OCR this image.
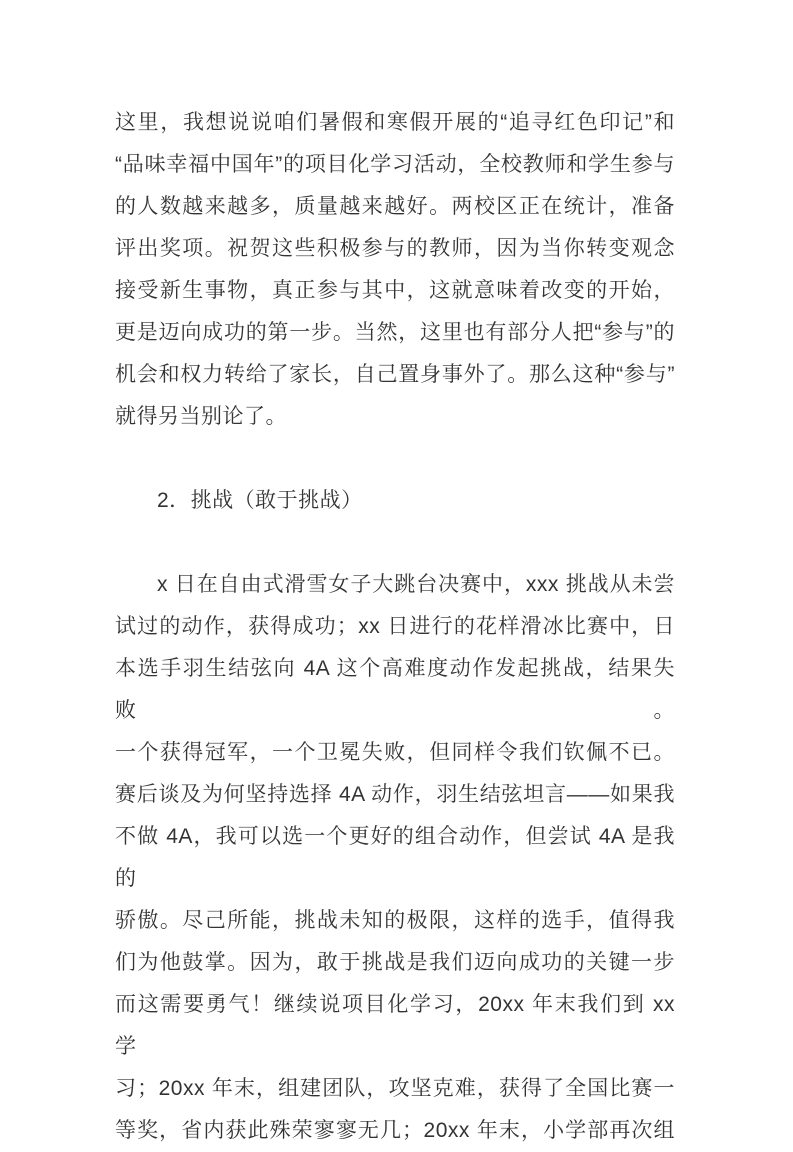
这里，我想说说咱们暑假和寒假开展的“追寻红色印记”和
“品味幸福中国年”的项目化学习活动，全校教师和学生参与
的人数越来越多，质量越来越好。两校区正在统计，准备
评出奖项。祝贺这些积极参与的教师，因为当你转变观念
接受新生事物，真正参与其中，这就意味着改变的开始，
更是迈向成功的第一步。当然，这里也有部分人把“参与”的
机会和权力转给了家长，自己置身事外了。那么这种“参与”
就得另当别论了。
2．挑战（敢于挑战）
x 日在自由式滑雪女子大跳台决赛中，xxx 挑战从未尝
试过的动作，获得成功；xx 日进行的花样滑冰比赛中，日
本选手羽生结弦向 4A 这个高难度动作发起挑战，结果失败。
一个获得冠军，一个卫冕失败，但同样令我们钦佩不已。
赛后谈及为何坚持选择 4A 动作，羽生结弦坦言——如果我
不做 4A，我可以选一个更好的组合动作，但尝试 4A 是我的
骄傲。尽己所能，挑战未知的极限，这样的选手，值得我
们为他鼓掌。因为，敢于挑战是我们迈向成功的关键一步
而这需要勇气！继续说项目化学习，20xx 年末我们到 xx 学
习；20xx 年末，组建团队，攻坚克难，获得了全国比赛一
等奖，省内获此殊荣寥寥无几；20xx 年末，小学部再次组
